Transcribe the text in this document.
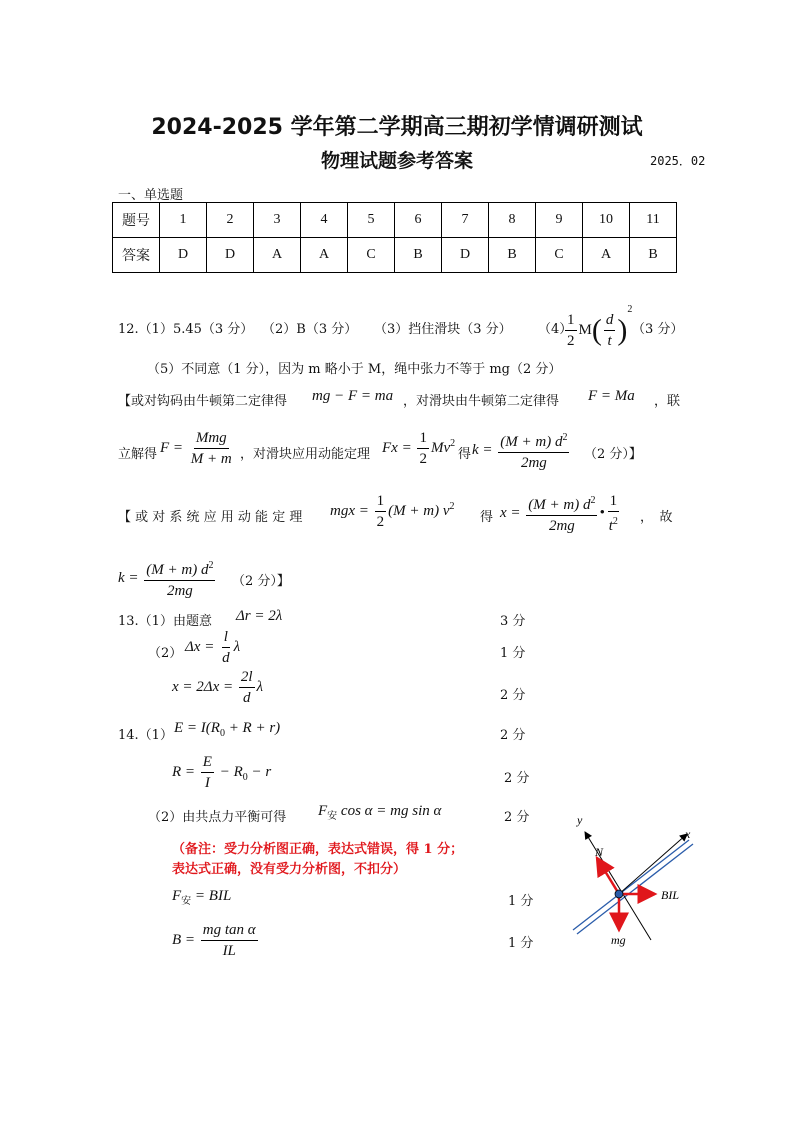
2024-2025 学年第二学期高三期初学情调研测试
物理试题参考答案	2025．02
一、单选题
题号	1	2	3	4	5	6	7	8	9	10	11
答案	D	D	A	A	C	B	D	B	C	A	B
12.（1）5.45（3 分） （2）B（3 分） （3）挡住滑块（3 分） （4）
$\frac{1}{2} M( \frac{d}{t} )^2$
（3 分）
（5）不同意（1 分），因为 m 略小于 M，绳中张力不等于 mg（2 分）
【或对钩码由牛顿第二定律得 mg − F = ma ，对滑块由牛顿第二定律得 F = Ma ，联
立解得 $F = \frac{\text{Mmg}}{M + m}$ ，对滑块应用动能定理 $Fx = \frac{1}{2} Mv^2$
得 $k = \frac{(M + m) d^2}{2mg} (2$ 分）】
【 或 对 系 统 应 用 动 能 定 理 mgx = $\frac{1}{2} (M + m)$ $v^2$
得 $x = \frac{(M + m) d^2}{2mg}$ • $\frac{1}{t^2}$ ，　故
$k = \frac{(M + m) d^2}{2mg} (2$ 分）】
13.（1）由题意 Δr = 2λ	3 分
（2） $\Delta x = \frac{l}{d}$ λ	1 分
$x = 2\Delta x = \frac{2l}{d}$ λ
2 分
14.（1） $E = I(R_0 + R + r)$	2 分
$R = \frac{E}{I} - R_0 - r$	2 分
（2）由共点力平衡可得 $F_安$ cos α = mg sin α	2 分
（备注：受力分析图正确，表达式错误，得 1 分；
表达式正确，没有受力分析图，不扣分）
$F_安$ = BIL	1 分
$B = \frac{\text{mg tan α}}{IL}$	1 分
y
x
N
BIL
mg
